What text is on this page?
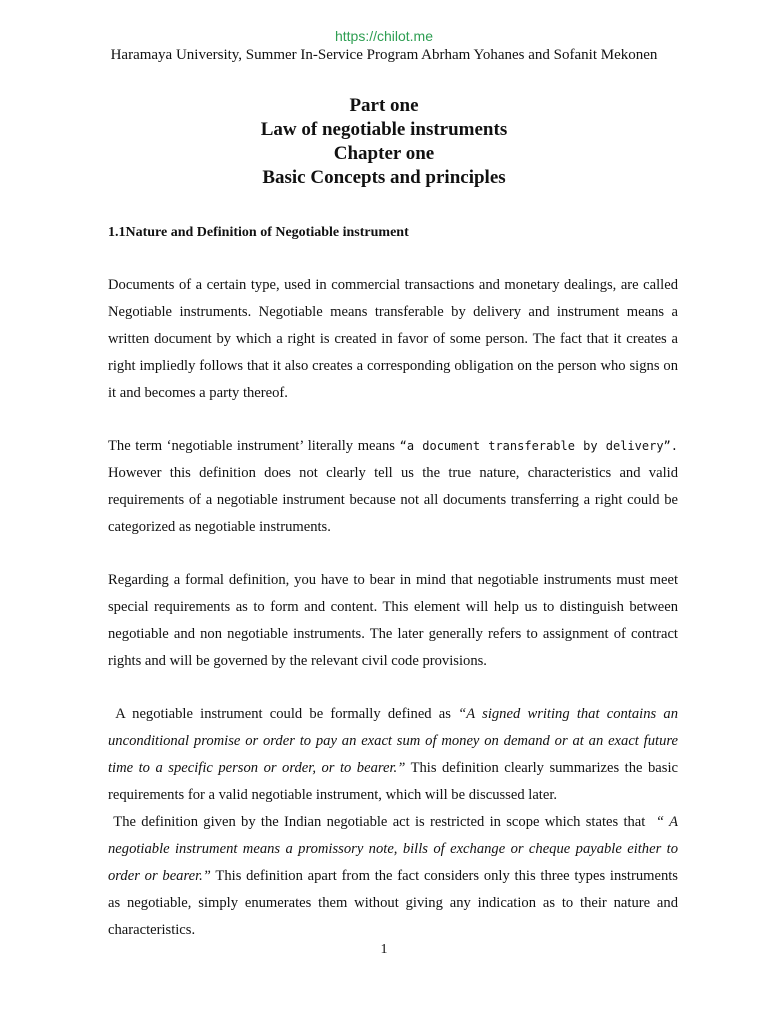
https://chilot.me
Haramaya University, Summer In-Service Program Abrham Yohanes and Sofanit Mekonen
Part one
Law of negotiable instruments
Chapter one
Basic Concepts and principles
1.1Nature and Definition of Negotiable instrument

Documents of a certain type, used in commercial transactions and monetary dealings, are called Negotiable instruments. Negotiable means transferable by delivery and instrument means a written document by which a right is created in favor of some person. The fact that it creates a right impliedly follows that it also creates a corresponding obligation on the person who signs on it and becomes a party thereof.

The term ‘negotiable instrument’ literally means “a document transferable by delivery”. However this definition does not clearly tell us the true nature, characteristics and valid requirements of a negotiable instrument because not all documents transferring a right could be categorized as negotiable instruments.

Regarding a formal definition, you have to bear in mind that negotiable instruments must meet special requirements as to form and content. This element will help us to distinguish between negotiable and non negotiable instruments. The later generally refers to assignment of contract rights and will be governed by the relevant civil code provisions.

A negotiable instrument could be formally defined as “A signed writing that contains an unconditional promise or order to pay an exact sum of money on demand or at an exact future time to a specific person or order, or to bearer.” This definition clearly summarizes the basic requirements for a valid negotiable instrument, which will be discussed later.

The definition given by the Indian negotiable act is restricted in scope which states that  “ A negotiable instrument means a promissory note, bills of exchange or cheque payable either to order or bearer.” This definition apart from the fact considers only this three types instruments as negotiable, simply enumerates them without giving any indication as to their nature and characteristics.

1
